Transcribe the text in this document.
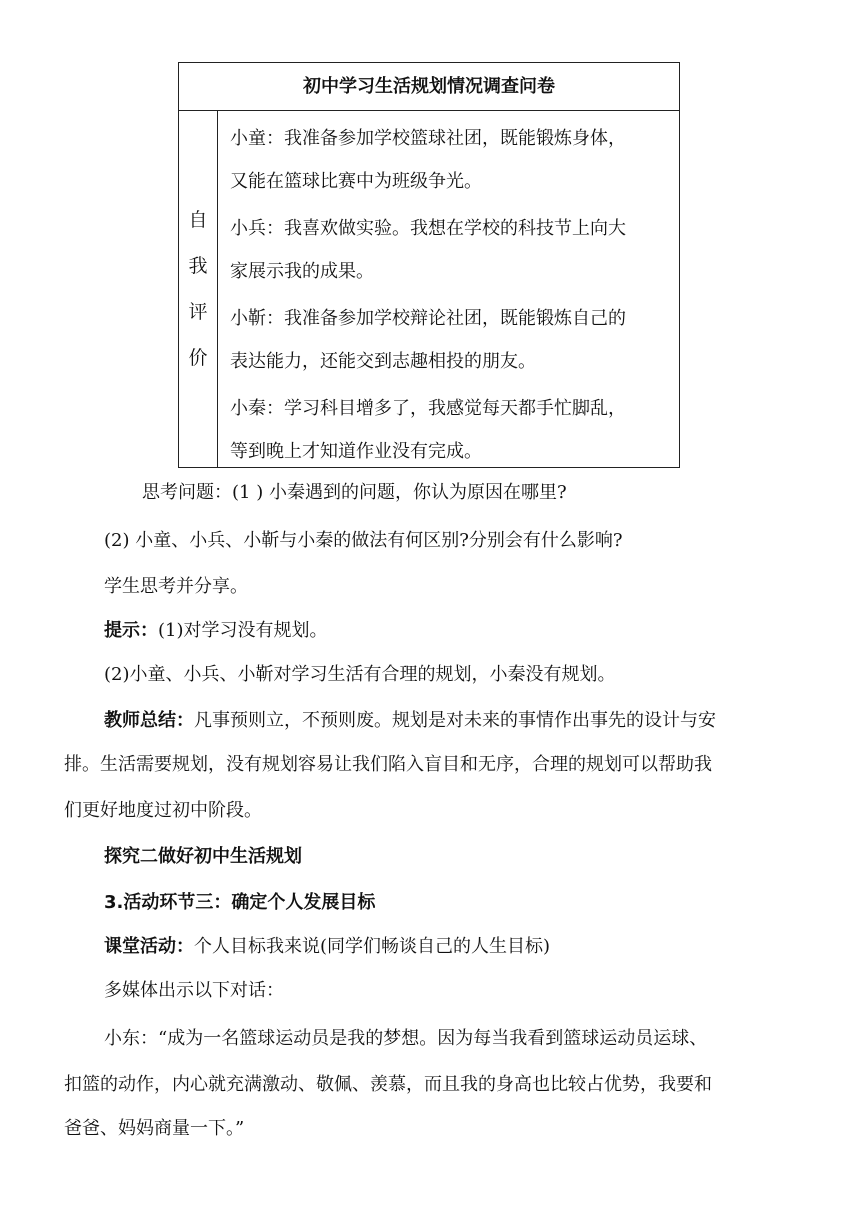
初中学习生活规划情况调查问卷
自
我
评
价
小童：我准备参加学校篮球社团，既能锻炼身体，
又能在篮球比赛中为班级争光。
小兵：我喜欢做实验。我想在学校的科技节上向大
家展示我的成果。
小靳：我准备参加学校辩论社团，既能锻炼自己的
表达能力，还能交到志趣相投的朋友。
小秦：学习科目增多了，我感觉每天都手忙脚乱，
等到晚上才知道作业没有完成。
思考问题：(1 ) 小秦遇到的问题，你认为原因在哪里?
(2) 小童、小兵、小靳与小秦的做法有何区别?分别会有什么影响?
学生思考并分享。
提示：(1)对学习没有规划。
(2)小童、小兵、小靳对学习生活有合理的规划，小秦没有规划。
教师总结：凡事预则立，不预则废。规划是对未来的事情作出事先的设计与安
排。生活需要规划，没有规划容易让我们陷入盲目和无序，合理的规划可以帮助我
们更好地度过初中阶段。
探究二做好初中生活规划
3.活动环节三：确定个人发展目标
课堂活动：个人目标我来说(同学们畅谈自己的人生目标)
多媒体出示以下对话：
小东：“成为一名篮球运动员是我的梦想。因为每当我看到篮球运动员运球、
扣篮的动作，内心就充满激动、敬佩、羡慕，而且我的身高也比较占优势，我要和
爸爸、妈妈商量一下。”
